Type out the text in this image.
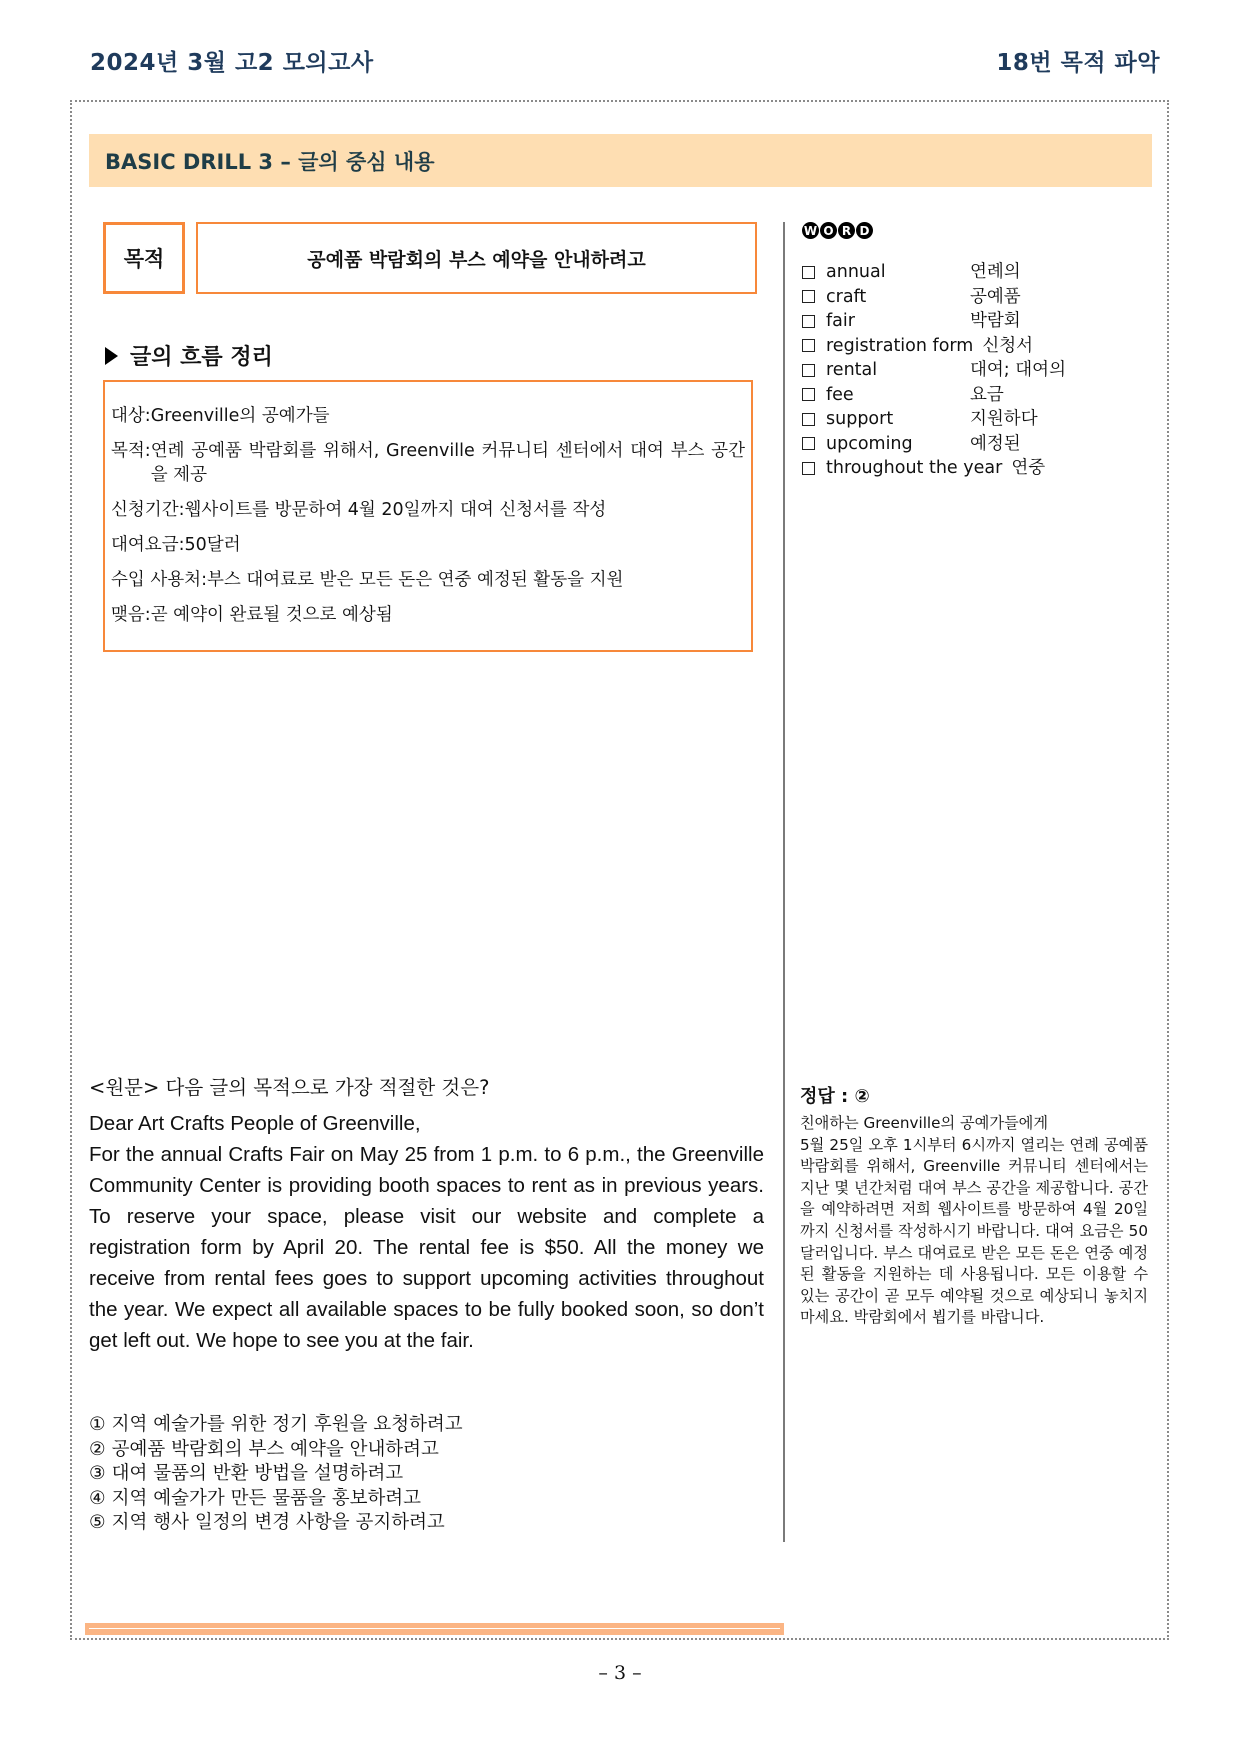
2024년 3월 고2 모의고사	18번 목적 파악
BASIC DRILL 3 – 글의 중심 내용
목적	공예품 박람회의 부스 예약을 안내하려고
글의 흐름 정리
대상: Greenville의 공예가들
목적: 연례 공예품 박람회를 위해서, Greenville 커뮤니티 센터에서 대여 부스 공간을 제공
신청기간: 웹사이트를 방문하여 4월 20일까지 대여 신청서를 작성
대여요금: 50달러
수입 사용처: 부스 대여료로 받은 모든 돈은 연중 예정된 활동을 지원
맺음: 곧 예약이 완료될 것으로 예상됨
W O R D
annual	연례의
craft	공예품
fair	박람회
registration form 신청서
rental	대여; 대여의
fee	요금
support	지원하다
upcoming	예정된
throughout the year 연중
<원문> 다음 글의 목적으로 가장 적절한 것은?

Dear Art Crafts People of Greenville,

For the annual Crafts Fair on May 25 from 1 p.m. to 6 p.m., the Greenville Community Center is providing booth spaces to rent as in previous years. To reserve your space, please visit our website and complete a registration form by April 20. The rental fee is $50. All the money we receive from rental fees goes to support upcoming activities throughout the year. We expect all available spaces to be fully booked soon, so don’t get left out. We hope to see you at the fair.

① 지역 예술가를 위한 정기 후원을 요청하려고
② 공예품 박람회의 부스 예약을 안내하려고
③ 대여 물품의 반환 방법을 설명하려고
④ 지역 예술가가 만든 물품을 홍보하려고
⑤ 지역 행사 일정의 변경 사항을 공지하려고
정답 : ②

친애하는 Greenville의 공예가들에게

5월 25일 오후 1시부터 6시까지 열리는 연례 공예품 박람회를 위해서, Greenville 커뮤니티 센터에서는 지난 몇 년간처럼 대여 부스 공간을 제공합니다. 공간을 예약하려면 저희 웹사이트를 방문하여 4월 20일까지 신청서를 작성하시기 바랍니다. 대여 요금은 50달러입니다. 부스 대여료로 받은 모든 돈은 연중 예정된 활동을 지원하는 데 사용됩니다. 모든 이용할 수 있는 공간이 곧 모두 예약될 것으로 예상되니 놓치지 마세요. 박람회에서 뵙기를 바랍니다.

– 3 –
